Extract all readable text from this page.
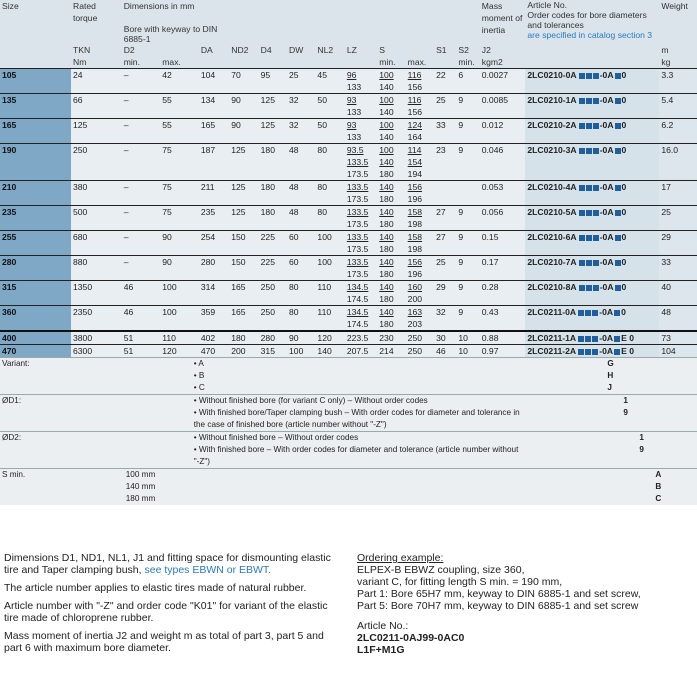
Size	Rated torque	Dimensions in mm												Mass moment of inertia	Article No.
Order codes for bore diameters and tolerances
are specified in catalog section 3	Weight
		Bore with keyway to DIN 6885-1														
	TKN	D2		DA	ND2	D4	DW	NL2	LZ	S		S1	S2	J2		m
	Nm	min.	max.							min.	max.		min.	kgm2		kg
105	24	–	42	104	70	95	25	45	96	100	116	22	6	0.0027	2LC0210-0A -0A 0	3.3
									133	140	156					
135	66	–	55	134	90	125	32	50	93	100	116	25	9	0.0085	2LC0210-1A -0A 0	5.4
									133	140	156					
165	125	–	55	165	90	125	32	50	93	100	124	33	9	0.012	2LC0210-2A -0A 0	6.2
									133	140	164					
190	250	–	75	187	125	180	48	80	93.5	100	114	23	9	0.046	2LC0210-3A -0A 0	16.0
									133.5	140	154					
									173.5	180	194					
210	380	–	75	211	125	180	48	80	133.5	140	156			0.053	2LC0210-4A -0A 0	17
									173.5	180	196					
235	500	–	75	235	125	180	48	80	133.5	140	158	27	9	0.056	2LC0210-5A -0A 0	25
									173.5	180	198					
255	680	–	90	254	150	225	60	100	133.5	140	158	27	9	0.15	2LC0210-6A -0A 0	29
									173.5	180	198					
280	880	–	90	280	150	225	60	100	133.5	140	156	25	9	0.17	2LC0210-7A -0A 0	33
									173.5	180	196					
315	1350	46	100	314	165	250	80	110	134.5	140	160	29	9	0.28	2LC0210-8A -0A 0	40
									174.5	180	200					
360	2350	46	100	359	165	250	80	110	134.5	140	163	32	9	0.43	2LC0211-0A -0A 0	48
									174.5	180	203					
400	3800	51	110	402	180	280	90	120	223.5	230	250	30	10	0.88	2LC0211-1A -0A E 0	73
470	6300	51	120	470	200	315	100	140	207.5	214	250	46	10	0.97	2LC0211-2A -0A E 0	104
Variant:		• A													G	

		• B													H	

		• C													J	

ØD1:		• Without finished bore (for variant C only) – Without order codes													1	

		• With finished bore/Taper clamping bush – With order codes for diameter and tolerance in the case of finished bore (article number without "-Z")													9	

ØD2:		• Without finished bore – Without order codes													1	

		• With finished bore – With order codes for diameter and tolerance (article number without "-Z")													9	

S min.		100 mm													A	

		140 mm													B	

		180 mm													C	

Dimensions D1, ND1, NL1, J1 and fitting space for dismounting elastic tire and Taper clamping bush, see types EBWN or EBWT.

The article number applies to elastic tires made of natural rubber.

Article number with "-Z" and order code "K01" for variant of the elastic tire made of chloroprene rubber.

Mass moment of inertia J2 and weight m as total of part 3, part 5 and part 6 with maximum bore diameter.

Ordering example:
ELPEX-B EBWZ coupling, size 360,
variant C, for fitting length S min. = 190 mm,
Part 1: Bore 65H7 mm, keyway to DIN 6885-1 and set screw,
Part 5: Bore 70H7 mm, keyway to DIN 6885-1 and set screw
Article No.:
2LC0211-0AJ99-0AC0
L1F+M1G
